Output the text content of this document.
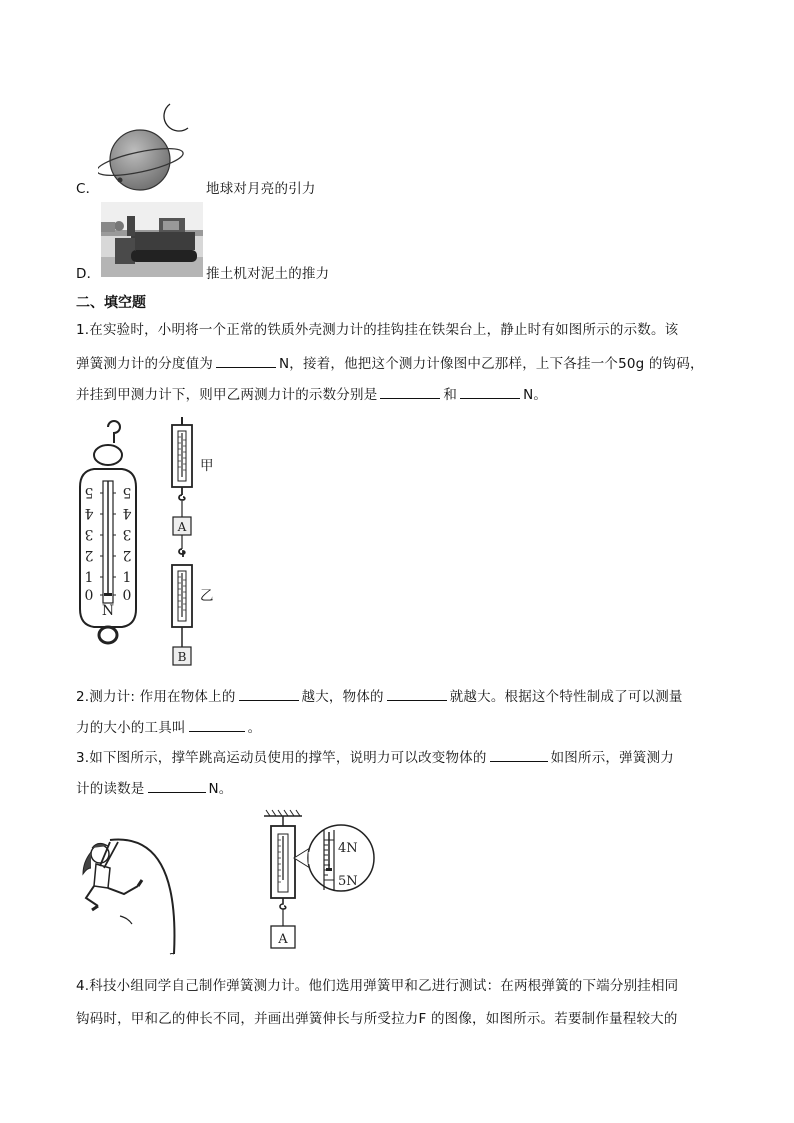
C．	地球对月亮的引力
D．	推土机对泥土的推力
二、填空题
1.在实验时，小明将一个正常的铁质外壳测力计的挂钩挂在铁架台上，静止时有如图所示的示数。该
弹簧测力计的分度值为	N，接着，他把这个测力计像图中乙那样，上下各挂一个50g 的钩码，
并挂到甲测力计下，则甲乙两测力计的示数分别是	和	N。
5
4
3
2
1
0
5
4
3
2
1
0
N
A
B
甲
乙
2.测力计: 作用在物体上的	越大，物体的	就越大。根据这个特性制成了可以测量
力的大小的工具叫	。
3.如下图所示，撑竿跳高运动员使用的撑竿，说明力可以改变物体的	如图所示，弹簧测力
计的读数是	N。
A
4N
5N
4.科技小组同学自己制作弹簧测力计。他们选用弹簧甲和乙进行测试：在两根弹簧的下端分别挂相同
钩码时，甲和乙的伸长不同，并画出弹簧伸长与所受拉力F 的图像，如图所示。若要制作量程较大的
